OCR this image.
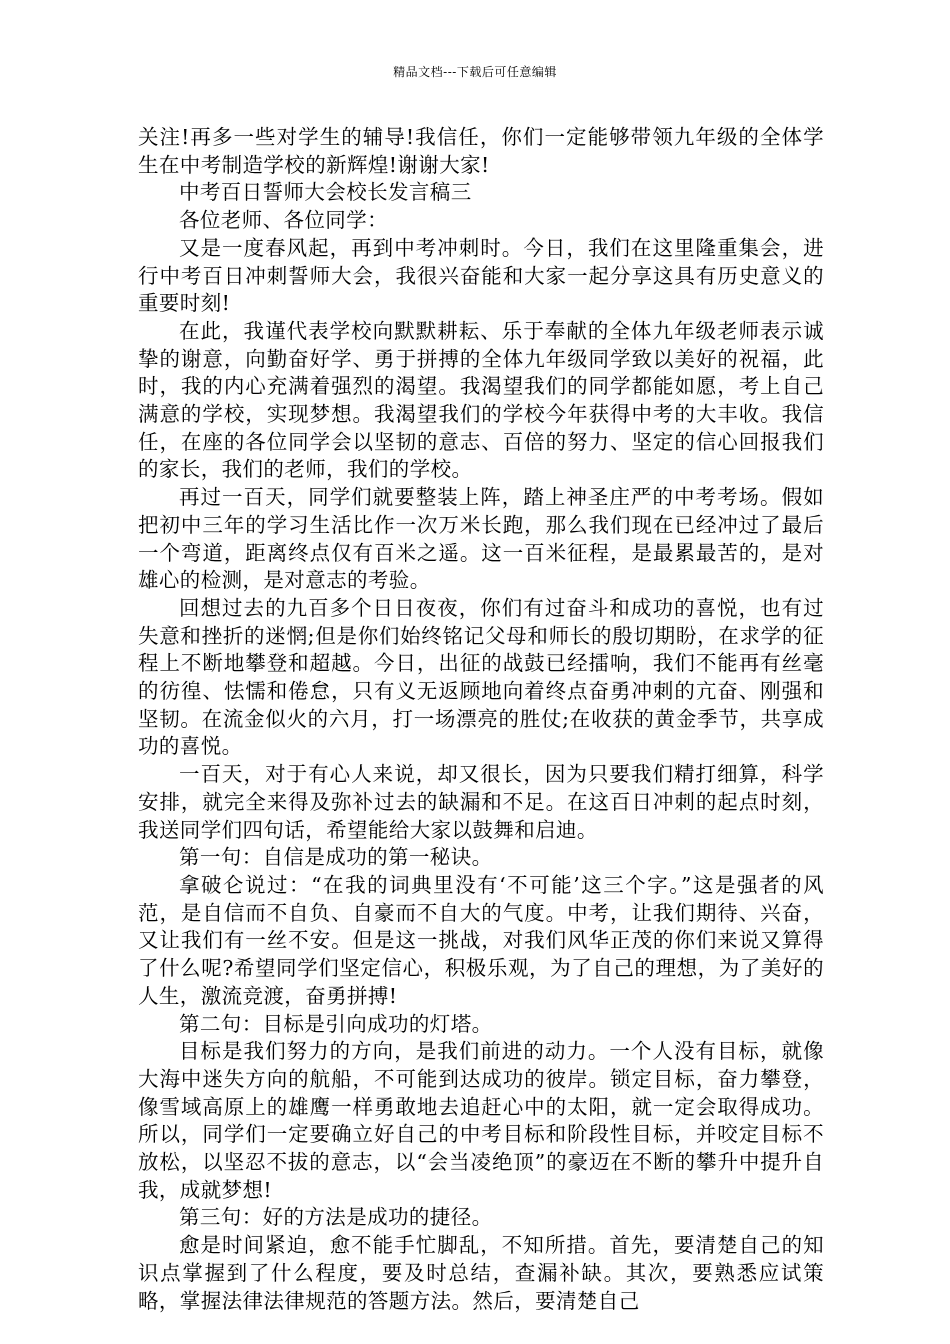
精品文档---下载后可任意编辑

关注!再多一些对学生的辅导!我信任，你们一定能够带领九年级的全体学生在中考制造学校的新辉煌!谢谢大家!

中考百日誓师大会校长发言稿三

各位老师、各位同学：

又是一度春风起，再到中考冲刺时。今日，我们在这里隆重集会，进行中考百日冲刺誓师大会，我很兴奋能和大家一起分享这具有历史意义的重要时刻!

在此，我谨代表学校向默默耕耘、乐于奉献的全体九年级老师表示诚挚的谢意，向勤奋好学、勇于拼搏的全体九年级同学致以美好的祝福，此时，我的内心充满着强烈的渴望。我渴望我们的同学都能如愿，考上自己满意的学校，实现梦想。我渴望我们的学校今年获得中考的大丰收。我信任，在座的各位同学会以坚韧的意志、百倍的努力、坚定的信心回报我们的家长，我们的老师，我们的学校。

再过一百天，同学们就要整装上阵，踏上神圣庄严的中考考场。假如把初中三年的学习生活比作一次万米长跑，那么我们现在已经冲过了最后一个弯道，距离终点仅有百米之遥。这一百米征程，是最累最苦的，是对雄心的检测，是对意志的考验。

回想过去的九百多个日日夜夜，你们有过奋斗和成功的喜悦，也有过失意和挫折的迷惘;但是你们始终铭记父母和师长的殷切期盼，在求学的征程上不断地攀登和超越。今日，出征的战鼓已经擂响，我们不能再有丝毫的彷徨、怯懦和倦怠，只有义无返顾地向着终点奋勇冲刺的亢奋、刚强和坚韧。在流金似火的六月，打一场漂亮的胜仗;在收获的黄金季节，共享成功的喜悦。

一百天，对于有心人来说，却又很长，因为只要我们精打细算，科学安排，就完全来得及弥补过去的缺漏和不足。在这百日冲刺的起点时刻，我送同学们四句话，希望能给大家以鼓舞和启迪。

第一句：自信是成功的第一秘诀。

拿破仑说过：“在我的词典里没有‘不可能’这三个字。”这是强者的风范，是自信而不自负、自豪而不自大的气度。中考，让我们期待、兴奋，又让我们有一丝不安。但是这一挑战，对我们风华正茂的你们来说又算得了什么呢?希望同学们坚定信心，积极乐观，为了自己的理想，为了美好的人生，激流竞渡，奋勇拼搏!

第二句：目标是引向成功的灯塔。

目标是我们努力的方向，是我们前进的动力。一个人没有目标，就像大海中迷失方向的航船，不可能到达成功的彼岸。锁定目标，奋力攀登，像雪域高原上的雄鹰一样勇敢地去追赶心中的太阳，就一定会取得成功。所以，同学们一定要确立好自己的中考目标和阶段性目标，并咬定目标不放松，以坚忍不拔的意志，以“会当凌绝顶”的豪迈在不断的攀升中提升自我，成就梦想!

第三句：好的方法是成功的捷径。

愈是时间紧迫，愈不能手忙脚乱，不知所措。首先，要清楚自己的知识点掌握到了什么程度，要及时总结，查漏补缺。其次，要熟悉应试策略，掌握法律法律规范的答题方法。然后，要清楚自己
